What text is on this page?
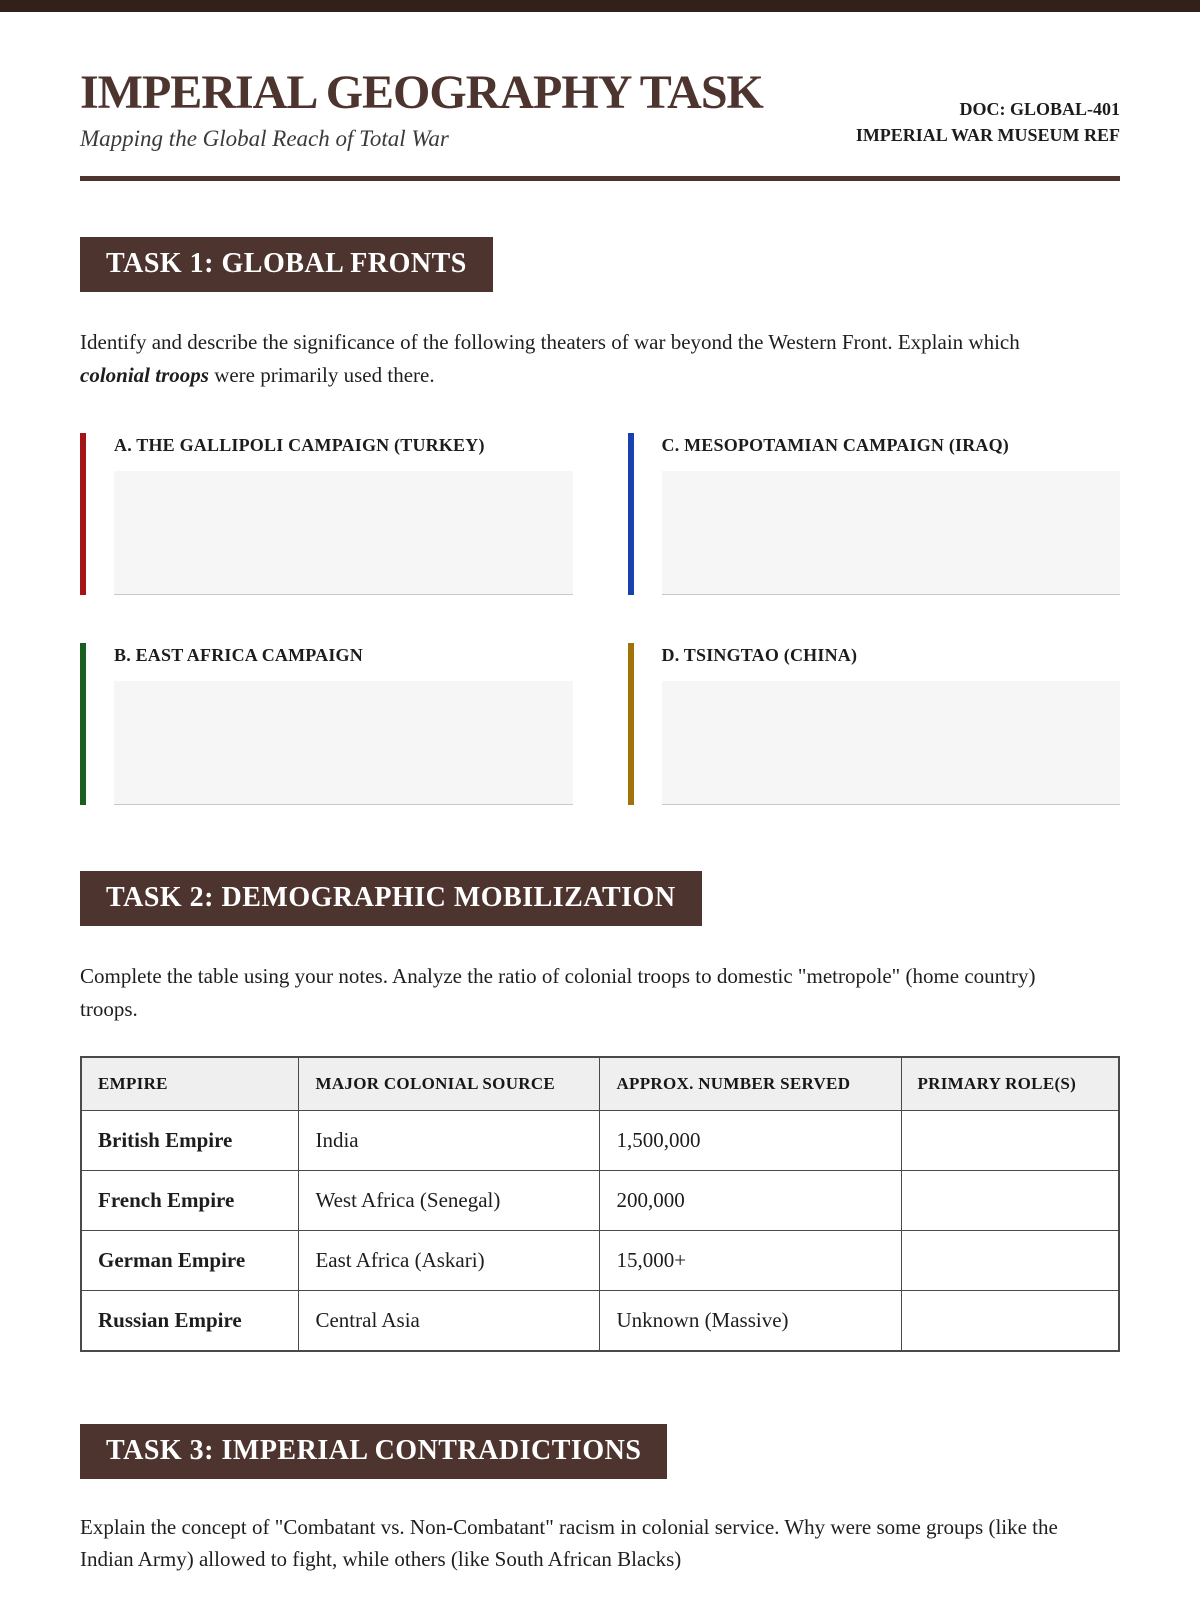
IMPERIAL GEOGRAPHY TASK
Mapping the Global Reach of Total War
DOC: GLOBAL-401
IMPERIAL WAR MUSEUM REF
TASK 1: GLOBAL FRONTS

Identify and describe the significance of the following theaters of war beyond the Western Front. Explain which colonial troops were primarily used there.

A. THE GALLIPOLI CAMPAIGN (TURKEY)	C. MESOPOTAMIAN CAMPAIGN (IRAQ)
B. EAST AFRICA CAMPAIGN	D. TSINGTAO (CHINA)
TASK 2: DEMOGRAPHIC MOBILIZATION

Complete the table using your notes. Analyze the ratio of colonial troops to domestic "metropole" (home country) troops.

EMPIRE	MAJOR COLONIAL SOURCE	APPROX. NUMBER SERVED	PRIMARY ROLE(S)
British Empire	India	1,500,000	
French Empire	West Africa (Senegal)	200,000	
German Empire	East Africa (Askari)	15,000+	
Russian Empire	Central Asia	Unknown (Massive)	
TASK 3: IMPERIAL CONTRADICTIONS

Explain the concept of "Combatant vs. Non-Combatant" racism in colonial service. Why were some groups (like the Indian Army) allowed to fight, while others (like South African Blacks)
